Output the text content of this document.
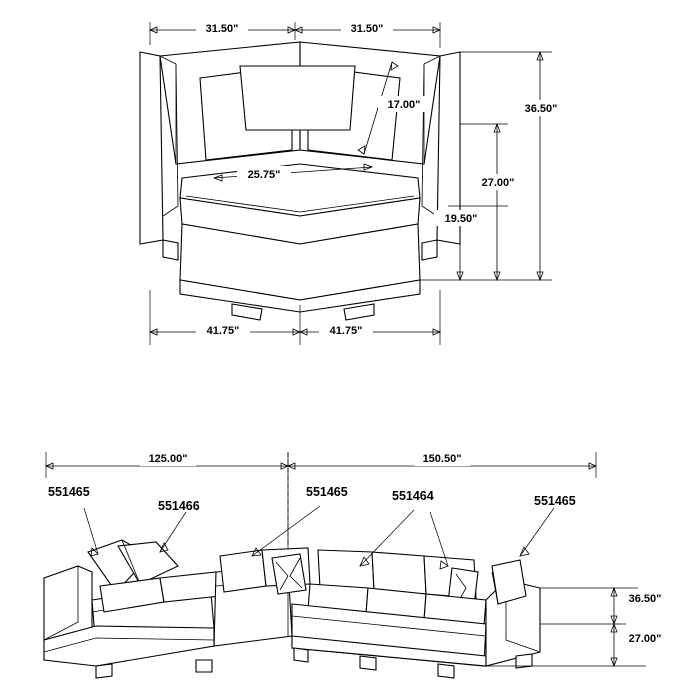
31.50"	31.50"
17.00"
25.75"
36.50"
27.00"
19.50"
41.75"	41.75"
125.00"	150.50"
551465
551466
551465	551464	551465
36.50"
27.00"
